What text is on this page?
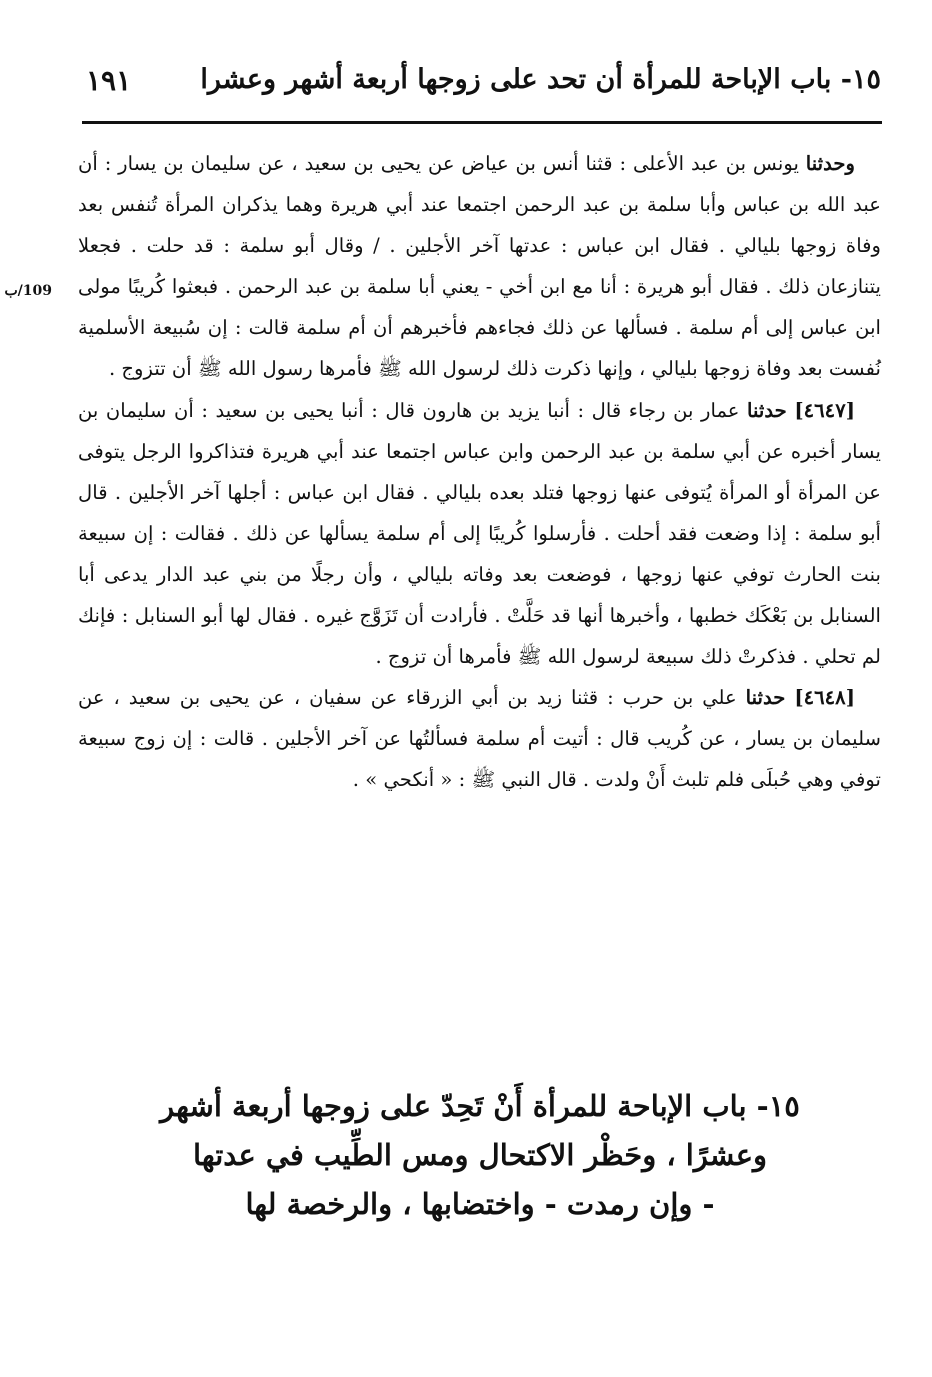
١٥- باب الإباحة للمرأة أن تحد على زوجها أربعة أشهر وعشرا
١٩١
109/ب

وحدثنا يونس بن عبد الأعلى : قثنا أنس بن عياض عن يحيى بن سعيد ، عن سليمان بن يسار : أن عبد الله بن عباس وأبا سلمة بن عبد الرحمن اجتمعا عند أبي هريرة وهما يذكران المرأة تُنفس بعد وفاة زوجها بليالي . فقال ابن عباس : عدتها آخر الأجلين . / وقال أبو سلمة : قد حلت . فجعلا يتنازعان ذلك . فقال أبو هريرة : أنا مع ابن أخي - يعني أبا سلمة بن عبد الرحمن . فبعثوا كُريبًا مولى ابن عباس إلى أم سلمة . فسألها عن ذلك فجاءهم فأخبرهم أن أم سلمة قالت : إن سُبيعة الأسلمية نُفست بعد وفاة زوجها بليالي ، وإنها ذكرت ذلك لرسول الله ﷺ فأمرها رسول الله ﷺ أن تتزوج .

[٤٦٤٧] حدثنا عمار بن رجاء قال : أنبا يزيد بن هارون قال : أنبا يحيى بن سعيد : أن سليمان بن يسار أخبره عن أبي سلمة بن عبد الرحمن وابن عباس اجتمعا عند أبي هريرة فتذاكروا الرجل يتوفى عن المرأة أو المرأة يُتوفى عنها زوجها فتلد بعده بليالي . فقال ابن عباس : أجلها آخر الأجلين . قال أبو سلمة : إذا وضعت فقد أحلت . فأرسلوا كُريبًا إلى أم سلمة يسألها عن ذلك . فقالت : إن سبيعة بنت الحارث توفي عنها زوجها ، فوضعت بعد وفاته بليالي ، وأن رجلًا من بني عبد الدار يدعى أبا السنابل بن بَعْكَك خطبها ، وأخبرها أنها قد حَلَّتْ . فأرادت أن تَزَوَّج غيره . فقال لها أبو السنابل : فإنك لم تحلي . فذكرتْ ذلك سبيعة لرسول الله ﷺ فأمرها أن تزوج .

[٤٦٤٨] حدثنا علي بن حرب : قثنا زيد بن أبي الزرقاء عن سفيان ، عن يحيى بن سعيد ، عن سليمان بن يسار ، عن كُريب قال : أتيت أم سلمة فسألتُها عن آخر الأجلين . قالت : إن زوج سبيعة توفي وهي حُبلَى فلم تلبث أَنْ ولدت . قال النبي ﷺ : « أنكحي » .

١٥- باب الإباحة للمرأة أَنْ تَحِدّ على زوجها أربعة أشهر
وعشرًا ، وحَظْر الاكتحال ومس الطِّيب في عدتها
- وإن رمدت - واختضابها ، والرخصة لها
